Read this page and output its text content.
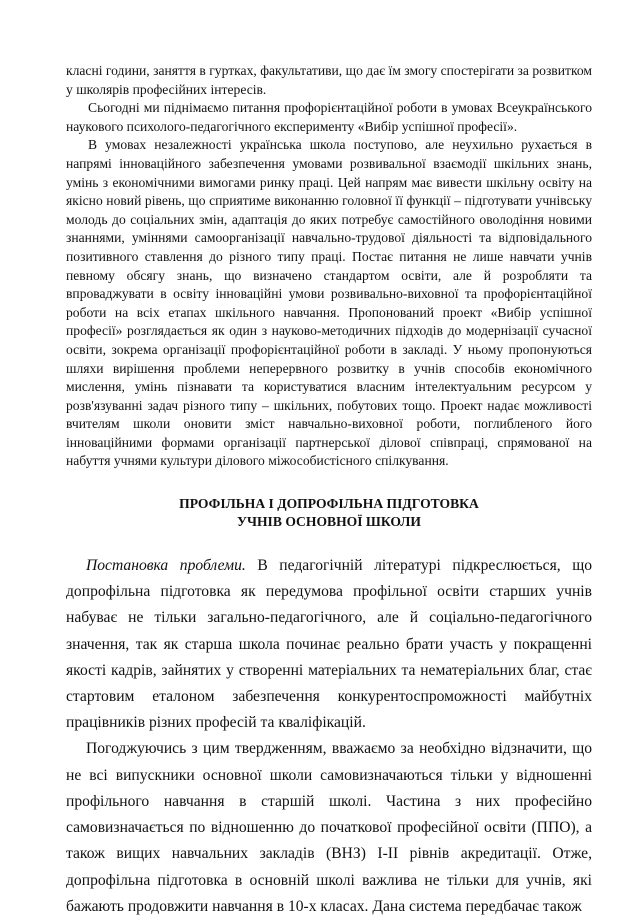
класні години, заняття в гуртках, факультативи, що дає їм змогу спостерігати за розвитком у школярів професійних інтересів.

Сьогодні ми піднімаємо питання профорієнтаційної роботи в умовах Всеукраїнського наукового психолого-педагогічного експерименту «Вибір успішної професії».

В умовах незалежності українська школа поступово, але неухильно рухається в напрямі інноваційного забезпечення умовами розвивальної взаємодії шкільних знань, умінь з економічними вимогами ринку праці. Цей напрям має вивести шкільну освіту на якісно новий рівень, що сприятиме виконанню головної її функції – підготувати учнівську молодь до соціальних змін, адаптація до яких потребує самостійного оволодіння новими знаннями, уміннями самоорганізації навчально-трудової діяльності та відповідального позитивного ставлення до різного типу праці. Постає питання не лише навчати учнів певному обсягу знань, що визначено стандартом освіти, але й розробляти та впроваджувати в освіту інноваційні умови розвивально-виховної та профорієнтаційної роботи на всіх етапах шкільного навчання. Пропонований проект «Вибір успішної професії» розглядається як один з науково-методичних підходів до модернізації сучасної освіти, зокрема організації профорієнтаційної роботи в закладі. У ньому пропонуються шляхи вирішення проблеми неперервного розвитку в учнів способів економічного мислення, умінь пізнавати та користуватися власним інтелектуальним ресурсом у розв'язуванні задач різного типу – шкільних, побутових тощо. Проект надає можливості вчителям школи оновити зміст навчально-виховної роботи, поглибленого його інноваційними формами організації партнерської ділової співпраці, спрямованої на набуття учнями культури ділового міжособистісного спілкування.

ПРОФІЛЬНА І ДОПРОФІЛЬНА ПІДГОТОВКА
УЧНІВ ОСНОВНОЇ ШКОЛИ

Постановка проблеми. В педагогічній літературі підкреслюється, що допрофільна підготовка як передумова профільної освіти старших учнів набуває не тільки загально-педагогічного, але й соціально-педагогічного значення, так як старша школа починає реально брати участь у покращенні якості кадрів, зайнятих у створенні матеріальних та нематеріальних благ, стає стартовим еталоном забезпечення конкурентоспроможності майбутніх працівників різних професій та кваліфікацій.

Погоджуючись з цим твердженням, вважаємо за необхідно відзначити, що не всі випускники основної школи самовизначаються тільки у відношенні профільного навчання в старшій школі. Частина з них професійно самовизначається по відношенню до початкової професійної освіти (ППО), а також вищих навчальних закладів (ВНЗ) І-ІІ рівнів акредитації. Отже, допрофільна підготовка в основній школі важлива не тільки для учнів, які бажають продовжити навчання в 10-х класах. Дана система передбачає також
